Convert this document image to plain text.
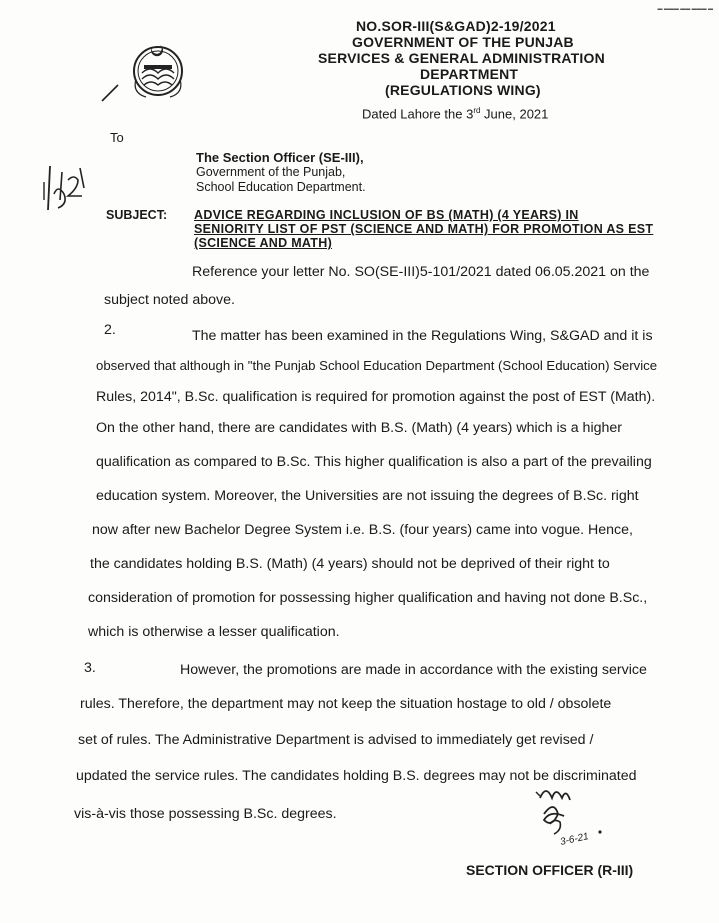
▬ ▬▬▬ ▬▬ ▬▬▬ ▬
NO.SOR-III(S&GAD)2-19/2021
GOVERNMENT OF THE PUNJAB
SERVICES & GENERAL ADMINISTRATION
DEPARTMENT
(REGULATIONS WING)
Dated Lahore the 3rd June, 2021
To
The Section Officer (SE-III),
Government of the Punjab,
School Education Department.
SUBJECT: ADVICE REGARDING INCLUSION OF BS (MATH) (4 YEARS) IN
SENIORITY LIST OF PST (SCIENCE AND MATH) FOR PROMOTION AS EST
(SCIENCE AND MATH)
Reference your letter No. SO(SE-III)5-101/2021 dated 06.05.2021 on the
subject noted above.
2.	The matter has been examined in the Regulations Wing, S&GAD and it is
observed that although in "the Punjab School Education Department (School Education) Service
Rules, 2014", B.Sc. qualification is required for promotion against the post of EST (Math).
On the other hand, there are candidates with B.S. (Math) (4 years) which is a higher
qualification as compared to B.Sc. This higher qualification is also a part of the prevailing
education system. Moreover, the Universities are not issuing the degrees of B.Sc. right
now after new Bachelor Degree System i.e. B.S. (four years) came into vogue. Hence,
the candidates holding B.S. (Math) (4 years) should not be deprived of their right to
consideration of promotion for possessing higher qualification and having not done B.Sc.,
which is otherwise a lesser qualification.
3.	However, the promotions are made in accordance with the existing service
rules. Therefore, the department may not keep the situation hostage to old / obsolete
set of rules. The Administrative Department is advised to immediately get revised /
updated the service rules. The candidates holding B.S. degrees may not be discriminated
vis-à-vis those possessing B.Sc. degrees.
3-6-21
SECTION OFFICER (R-III)
